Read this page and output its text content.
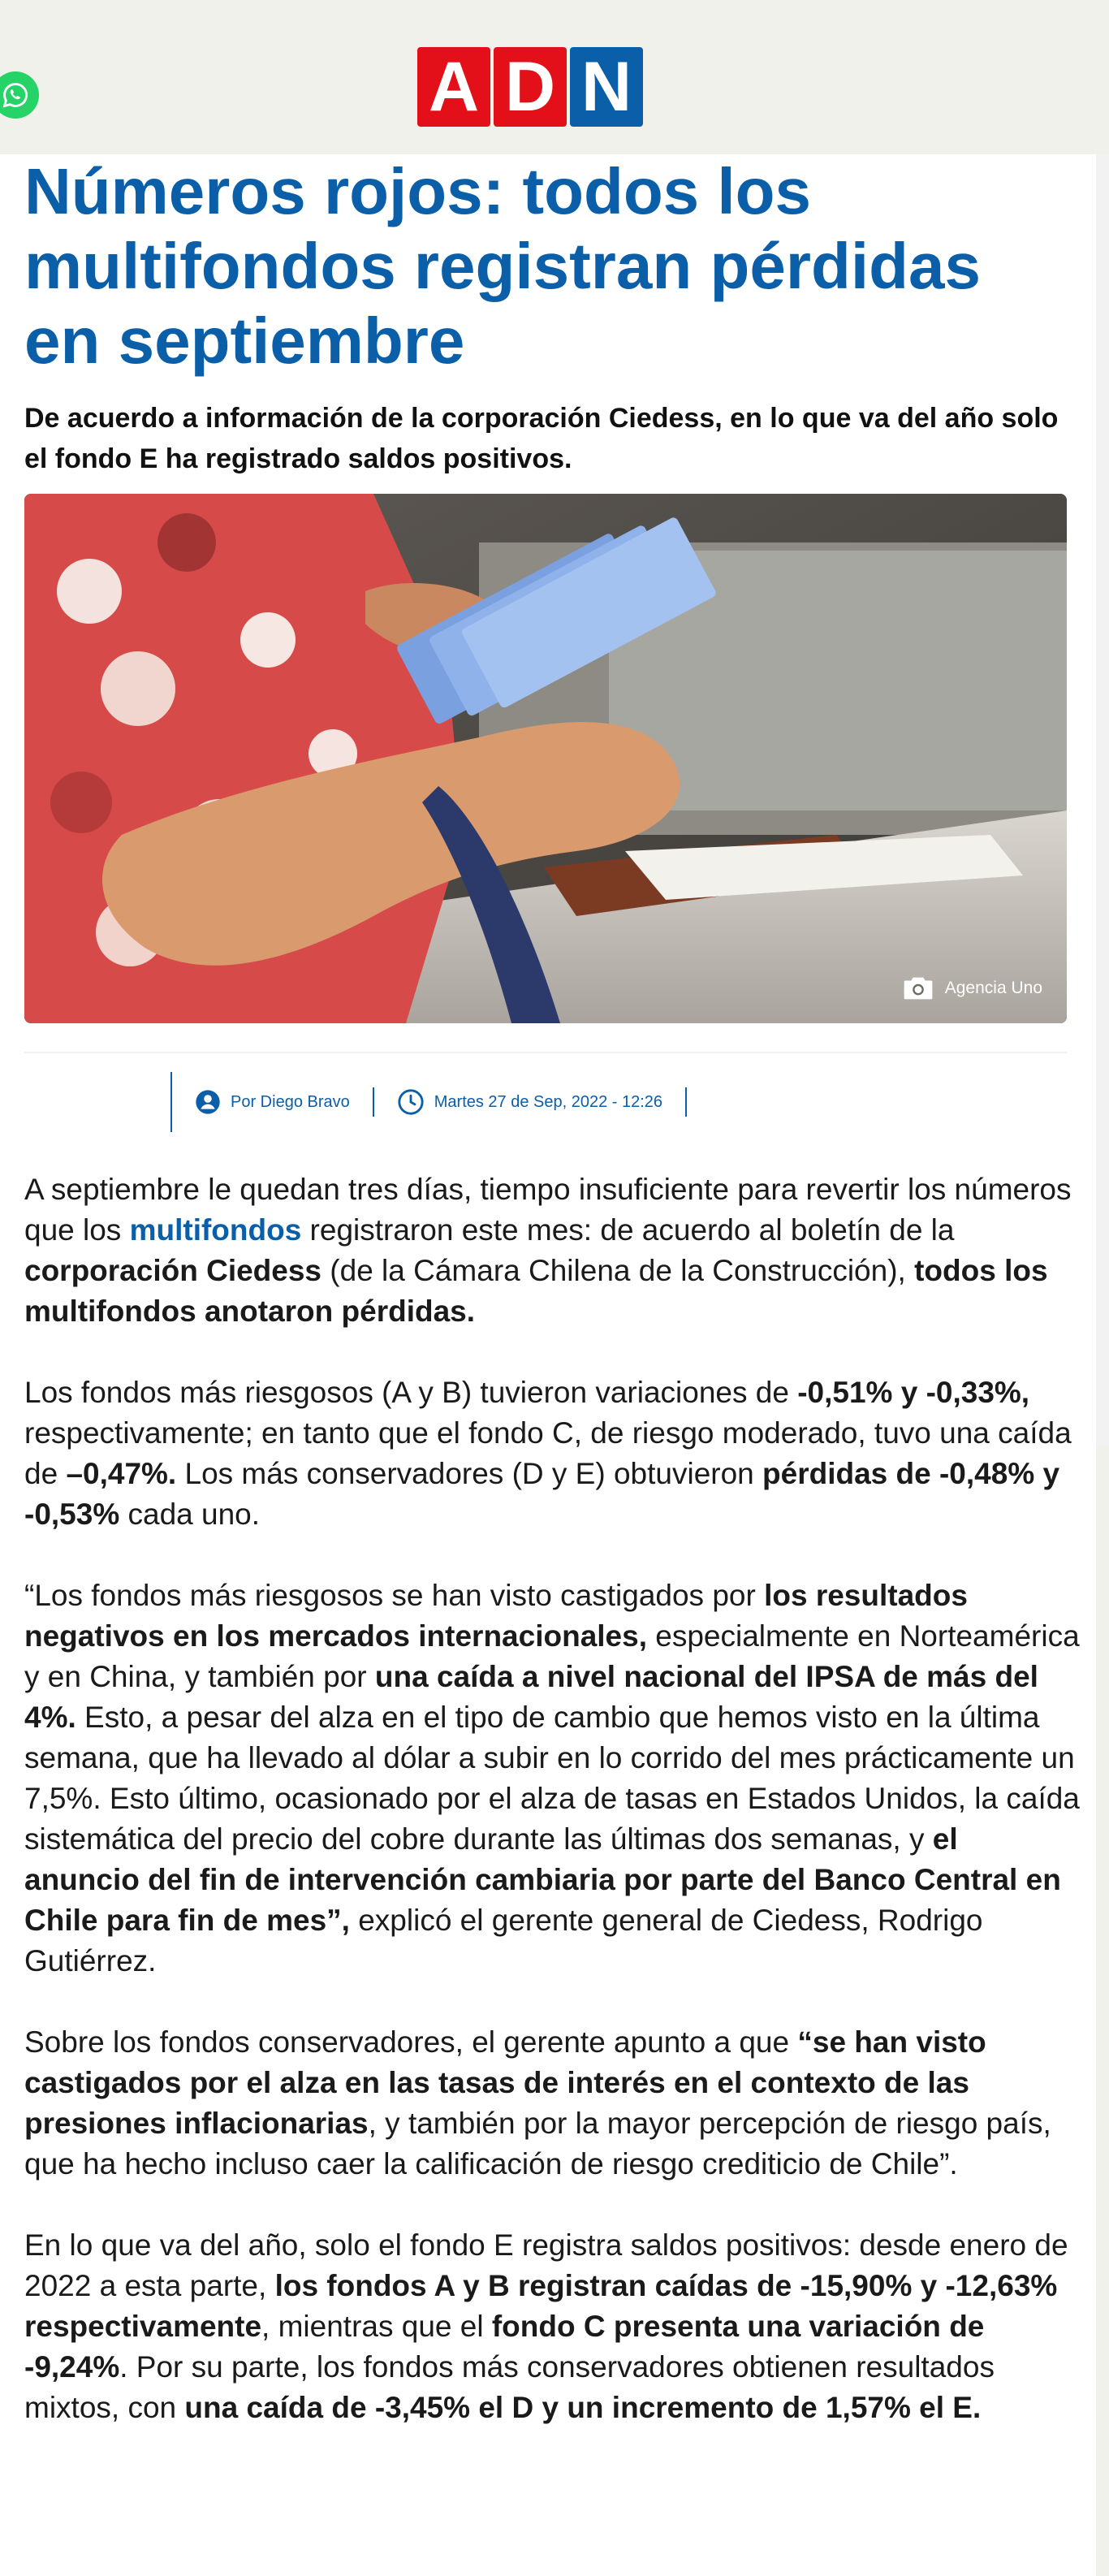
A D N
Números rojos: todos los multifondos registran pérdidas en septiembre

De acuerdo a información de la corporación Ciedess, en lo que va del año solo el fondo E ha registrado saldos positivos.

Agencia Uno
Por Diego Bravo	Martes 27 de Sep, 2022 - 12:26

A septiembre le quedan tres días, tiempo insuficiente para revertir los números que los multifondos registraron este mes: de acuerdo al boletín de la corporación Ciedess (de la Cámara Chilena de la Construcción), todos los multifondos anotaron pérdidas.

Los fondos más riesgosos (A y B) tuvieron variaciones de -0,51% y -0,33%, respectivamente; en tanto que el fondo C, de riesgo moderado, tuvo una caída de –0,47%. Los más conservadores (D y E) obtuvieron pérdidas de -0,48% y -0,53% cada uno.

“Los fondos más riesgosos se han visto castigados por los resultados negativos en los mercados internacionales, especialmente en Norteamérica y en China, y también por una caída a nivel nacional del IPSA de más del 4%. Esto, a pesar del alza en el tipo de cambio que hemos visto en la última semana, que ha llevado al dólar a subir en lo corrido del mes prácticamente un 7,5%. Esto último, ocasionado por el alza de tasas en Estados Unidos, la caída sistemática del precio del cobre durante las últimas dos semanas, y el anuncio del fin de intervención cambiaria por parte del Banco Central en Chile para fin de mes”, explicó el gerente general de Ciedess, Rodrigo Gutiérrez.

Sobre los fondos conservadores, el gerente apunto a que “se han visto castigados por el alza en las tasas de interés en el contexto de las presiones inflacionarias, y también por la mayor percepción de riesgo país, que ha hecho incluso caer la calificación de riesgo crediticio de Chile”.

En lo que va del año, solo el fondo E registra saldos positivos: desde enero de 2022 a esta parte, los fondos A y B registran caídas de -15,90% y -12,63% respectivamente, mientras que el fondo C presenta una variación de -9,24%. Por su parte, los fondos más conservadores obtienen resultados mixtos, con una caída de -3,45% el D y un incremento de 1,57% el E.
